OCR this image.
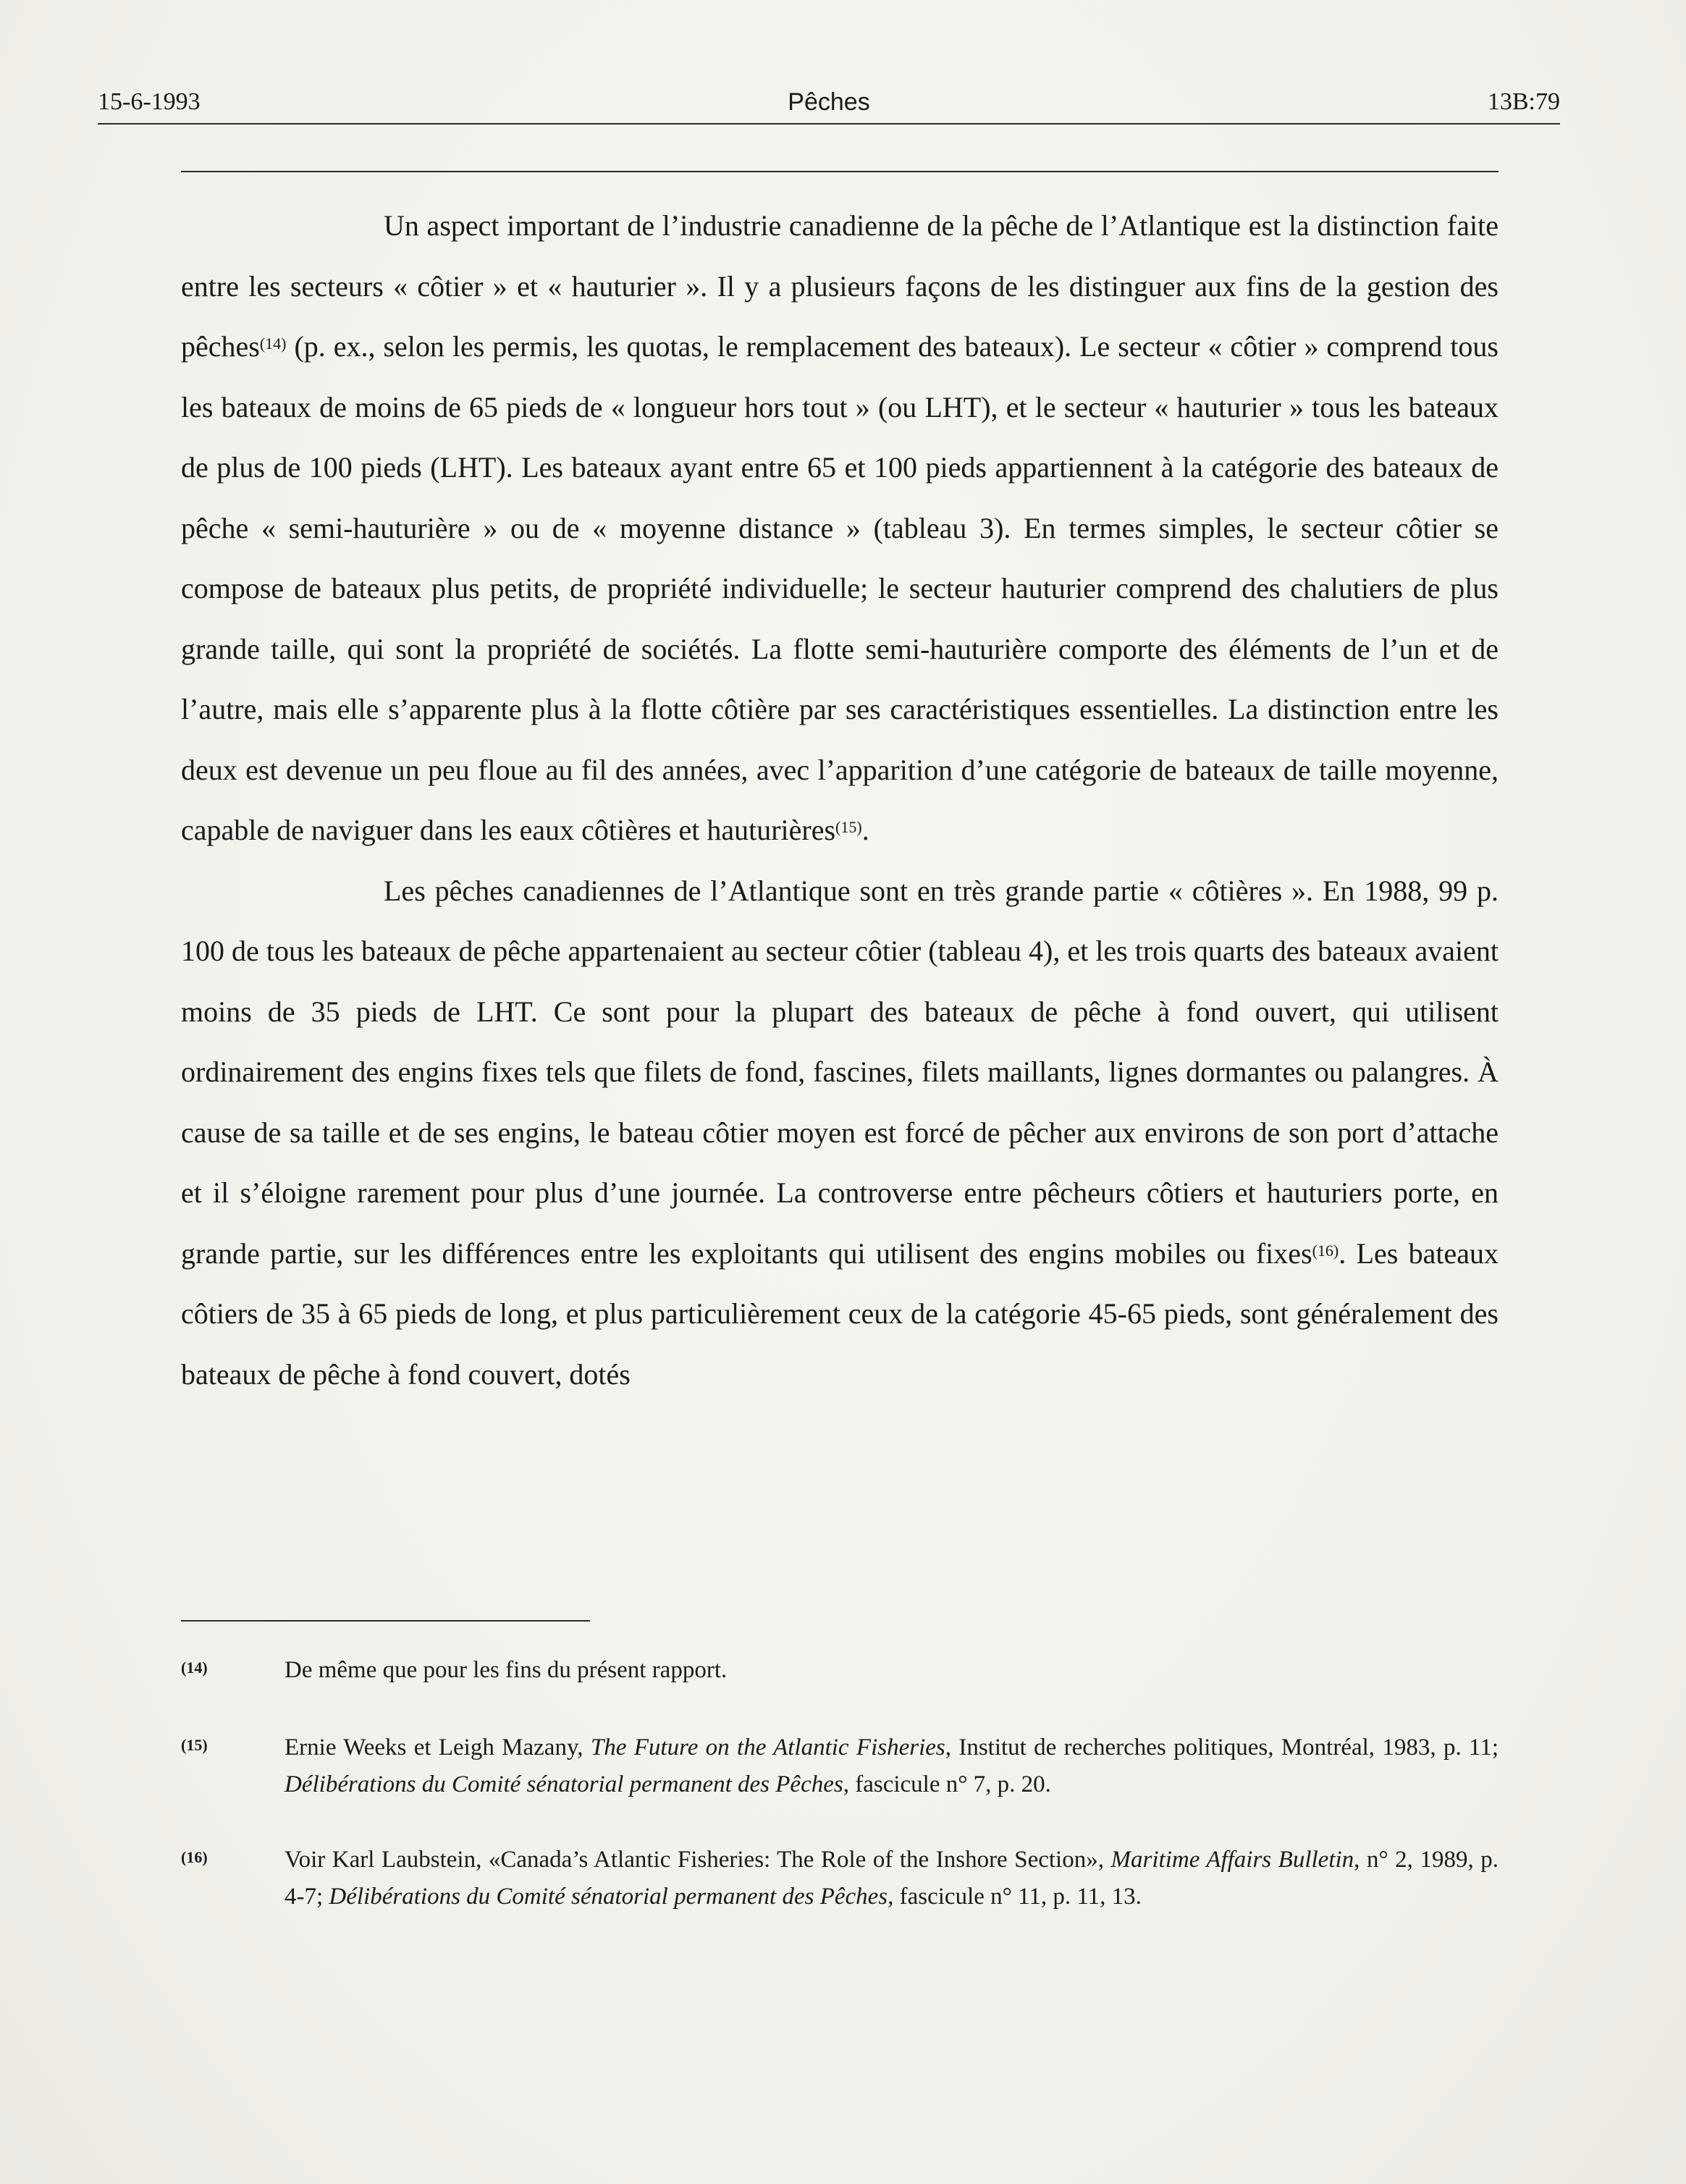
15-6-1993	Pêches	13B:79

Un aspect important de l’industrie canadienne de la pêche de l’Atlantique est la distinction faite entre les secteurs « côtier » et « hauturier ». Il y a plusieurs façons de les distinguer aux fins de la gestion des pêches$^{(14)}$ (p. ex., selon les permis, les quotas, le remplacement des bateaux). Le secteur « côtier » comprend tous les bateaux de moins de 65 pieds de « longueur hors tout » (ou LHT), et le secteur « hauturier » tous les bateaux de plus de 100 pieds (LHT). Les bateaux ayant entre 65 et 100 pieds appartiennent à la catégorie des bateaux de pêche « semi-hauturière » ou de « moyenne distance » (tableau 3). En termes simples, le secteur côtier se compose de bateaux plus petits, de propriété individuelle; le secteur hauturier comprend des chalutiers de plus grande taille, qui sont la propriété de sociétés. La flotte semi-hauturière comporte des éléments de l’un et de l’autre, mais elle s’apparente plus à la flotte côtière par ses caractéristiques essentielles. La distinction entre les deux est devenue un peu floue au fil des années, avec l’apparition d’une catégorie de bateaux de taille moyenne, capable de naviguer dans les eaux côtières et hauturières$^{(15)}$.

Les pêches canadiennes de l’Atlantique sont en très grande partie « côtières ». En 1988, 99 p. 100 de tous les bateaux de pêche appartenaient au secteur côtier (tableau 4), et les trois quarts des bateaux avaient moins de 35 pieds de LHT. Ce sont pour la plupart des bateaux de pêche à fond ouvert, qui utilisent ordinairement des engins fixes tels que filets de fond, fascines, filets maillants, lignes dormantes ou palangres. À cause de sa taille et de ses engins, le bateau côtier moyen est forcé de pêcher aux environs de son port d’attache et il s’éloigne rarement pour plus d’une journée. La controverse entre pêcheurs côtiers et hauturiers porte, en grande partie, sur les différences entre les exploitants qui utilisent des engins mobiles ou fixes$^{(16)}$. Les bateaux côtiers de 35 à 65 pieds de long, et plus particulièrement ceux de la catégorie 45-65 pieds, sont généralement des bateaux de pêche à fond couvert, dotés

(14)	De même que pour les fins du présent rapport.
(15)	Ernie Weeks et Leigh Mazany, The Future on the Atlantic Fisheries, Institut de recherches politiques, Montréal, 1983, p. 11; Délibérations du Comité sénatorial permanent des Pêches, fascicule n° 7, p. 20.
(16)	Voir Karl Laubstein, «Canada’s Atlantic Fisheries: The Role of the Inshore Section», Maritime Affairs Bulletin, n° 2, 1989, p. 4-7; Délibérations du Comité sénatorial permanent des Pêches, fascicule n° 11, p. 11, 13.
